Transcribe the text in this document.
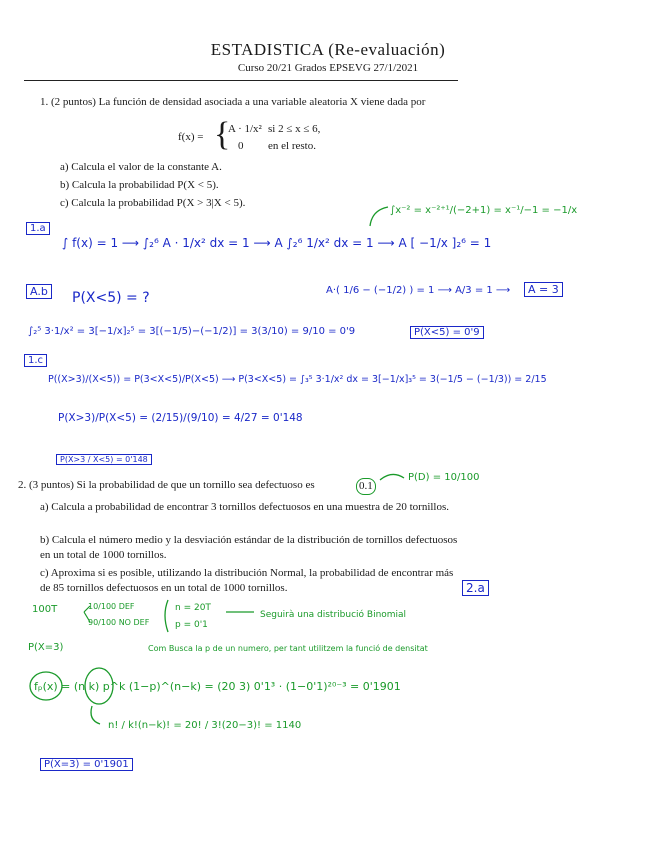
ESTADISTICA (Re-evaluación)
Curso 20/21 Grados EPSEVG 27/1/2021
1. (2 puntos) La función de densidad asociada a una variable aleatoria X viene dada por
f(x) = {
A · 1/x² si 2 ≤ x ≤ 6,
0 en el resto.
a) Calcula el valor de la constante A.
b) Calcula la probabilidad P(X < 5).
c) Calcula la probabilidad P(X > 3|X < 5).
1.a
∫ f(x) = 1 ⟶ ∫₂⁶ A · 1/x² dx = 1 ⟶ A ∫₂⁶ 1/x² dx = 1 ⟶ A [ −1/x ]₂⁶ = 1
∫x⁻² = x⁻²⁺¹/(−2+1) = x⁻¹/−1 = −1/x
A.b P(X<5) = ?	A·( 1/6 − (−1/2) ) = 1 ⟶ A/3 = 1 ⟶	A = 3
∫₂⁵ 3·1/x² = 3[−1/x]₂⁵ = 3[(−1/5)−(−1/2)] = 3(3/10) = 9/10 = 0'9	P(X<5) = 0'9
1.c
P((X>3)/(X<5)) = P(3<X<5)/P(X<5) ⟶ P(3<X<5) = ∫₃⁵ 3·1/x² dx = 3[−1/x]₃⁵ = 3(−1/5 − (−1/3)) = 2/15
P(X>3)/P(X<5) = (2/15)/(9/10) = 4/27 = 0'148
P(X>3 / X<5) = 0'148
2. (3 puntos) Si la probabilidad de que un tornillo sea defectuoso es	0.1
P(D) = 10/100
a) Calcula a probabilidad de encontrar 3 tornillos defectuosos en una muestra de 20 tornillos.
b) Calcula el número medio y la desviación estándar de la distribución de tornillos defectuosos en un total de 1000 tornillos.
c) Aproxima si es posible, utilizando la distribución Normal, la probabilidad de encontrar más de 85 tornillos defectuosos en un total de 1000 tornillos.	2.a
100T	10/100 DEF
90/100 NO DEF
n = 20T
p = 0'1
Seguirà una distribució Binomial
Com Busca la p de un numero, per tant utilitzem la funció de densitat
P(X=3)
fₚ(x) = (n k) p^k (1−p)^(n−k) = (20 3) 0'1³ · (1−0'1)²⁰⁻³ = 0'1901
n! / k!(n−k)! = 20! / 3!(20−3)! = 1140
P(X=3) = 0'1901
